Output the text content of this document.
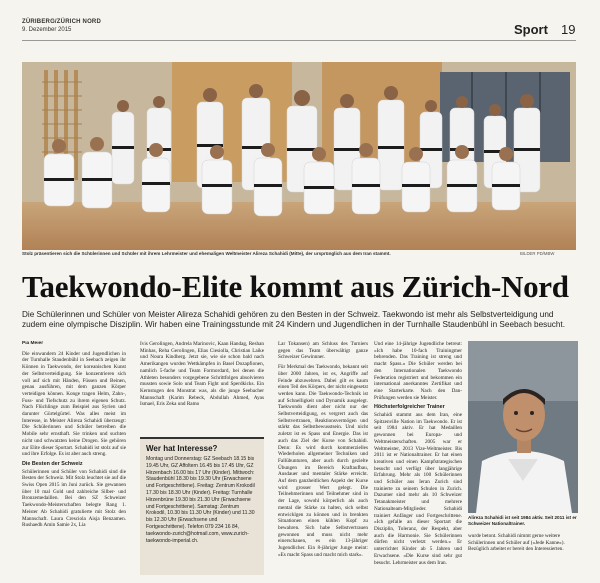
ZÜRIBERG/ZÜRICH NORD
9. Dezember 2015	Sport 19
Stolz präsentieren sich die Schülerinnen und Schüler mit ihrem Lehrmeister und ehemaligen Weltmeister Alireza Schahidi (Mitte), der ursprünglich aus dem Iran stammt.	BILDER PD/MBW
Taekwondo-Elite kommt aus Zürich-Nord
Die Schülerinnen und Schüler von Meister Alireza Schahidi gehören zu den Besten in der Schweiz. Taekwondo ist mehr als Selbstverteidigung und zudem eine olympische Disziplin. Wir haben eine Trainingsstunde mit 24 Kindern und Jugendlichen in der Turnhalle Staudenbühl in Seebach besucht.
Pia Meier

Die einwandern 24 Kinder und Jugendlichen in der Turnhalle Staudenbühl in Seebach zeigen ihr Können in Taekwondo, der koreanischen Kunst der Selbstverteidigung. Sie konzentrieren sich voll auf sich mit Händen, Füssen und Beinen, genau ausführen, mit dem ganzen Körper verteidigen können. Konge tragen Helm, Zahn-, Fuss- und Tiefschutz zu ihrem eigenen Schutz. Nach Flüchlinge zum Beispiel aus Syrien und darunter Gürtelgürtel. Was alles meist im Interesse, in Meister Alireza Schahidi überzeugt: Die Schülerinnen und Schüler betreiben die Mobile sehr ernsthaft. Sie trinken und suchten nicht und schwatzten keine Drogen. Sie gehören zur Elite dieser Sportart. Schahidi ist stolz auf sie und ihre Erfolge. Es ist aber auch streng.

Die Besten der Schweiz

Schülerinnen und Schüler von Schahidi sind die Besten der Schweiz. Mit Stolz leuchtet sie auf die Swiss Open 2015 im Juni zurück. Sie gewannen über 10 mal Gold und zahlreiche Silber- und Bronzemedaillen. Bei den SZ Schweizer Taekwondo-Meisterschaften belegte Rang 1. Meister Ab Schahidi gratulierte mit Stolz den Mannschaft. Laura Cresciola Aisja Benzamen. Rushaedh Amin Samie 2x, Lia

Ivis Gerolingen, Andrela Marinovic, Kaan Handag, Reshan Minhas, Reha Gerolingen, Elias Ciesiolla, Christian Laike und Noura Kindherg. Jetzt sie, wie sie schon bald nach Amerikangen wurden Wettkämpfen in Basel Dozapfionen, namlich 5-fache und Team Formordard, bei denen die Athleten besonders vorgegebene Schrittfolgen absolvieren mussten sowie Solo und Team Fight und Sperdkicks. Ein Kernstugen den Monstrat was, als die junge Seebacher Mannschaft (Karim Rebeck, Abdullah Ahmed, Ayas Ismael, Eris Zeka und Ramo

Wer hat Interesse?
Montag und Donnerstag: GZ Seebach 18.15 bis 19.45 Uhr, GZ Affoltern 16.45 bis 17.45 Uhr, GZ Hirzenbach 16.00 bis 17 Uhr (Kinder). Mittwoch: Staudenbühl 18.30 bis 19.30 Uhr (Erwachsene und Fortgeschrittene). Freitag: Zentrum Krokodil 17.30 bis 18.30 Uhr (Kinder). Freitag: Turnhalle Hirzenbrüne 19.30 bis 21.30 Uhr (Erwachsene und Fortgeschrittene). Samstag: Zentrum Krokodil, 10.30 bis 11.30 Uhr (Kinder) und 11.30 bis 12.30 Uhr (Erwachsene und Fortgeschrittene). Telefon 079 234 16 84, taekwondo-zurich@hotmail.com, www.zurich-taekwondo-imperial.ch.

Lar Tokansen) am Schluss des Turniers gegen das Team überwältigt ganze Schweizer Gewinnner.

Für Merkmal des Taekwondo, bekannt seit über 2000 Jahren, ist es, Angriffe auf Feinde abzuwehren. Dabei gilt es kaum einen Teil des Körpers, der nicht eingesetzt werden kann. Die Taekwondo-Technik ist auf Schnelligkeit und Dynamik ausgelegt. Taekwondo dient aber nicht nur der Selbstverteidigung, es vergrert auch das Selbstvertrauen, Reaktionsvermögen und stärkt das Selbstbewusstsein. Und nicht zuletzt ist es Spass und Energie. Das ist auch das Ziel der Kurse von Schahidi. Denn: Es wird durch kommerzielles Wiederholen allgemeiner Techniken und Fallübunturen, aber auch durch gezielte Übungen im Bereich Kraftaufbau, Ausdauer und mentaler Stärke erreicht. Auf dem ganzheitlichen Aspekt der Kurse wird grosser Wert gelegt. Die Teilnehmerinnen und Teilnehmer sind in der Lage, sowohl körperlich als auch mental die Stärke zu halten, sich selbst entwicklgen zu können und in brenkten Situationen einen kühlen Kopf zu bewahren. Sich habe Selbstvertrauen gewonnen und muss nicht mehr einerschauen, es ein 13-jähriger Jugendlicher. Ein 8-jähriger Junge meint: «Es macht Spass und macht mich stark».

Und eine 14-jährige Jugendliche betreut: «Ich habe 10-fach Trainingmer behrenden. Das Training ist streng und macht Spass.» Die Schüler werden bei den Internationalen Taekwondo Federation registriert und bekommen ein international anerkanntes Zertifikat und eine Starterkarte. Nach den Dan-Prüfungen werden sie Meister.

Höchsterfolgreicher Trainer

Schahidi stammt aus dem Iran, eine Spitzenville Nation im Taekwondo. Er ist seit 1984 aktiv. Er hat Medaillen gewonnen bei Europa- und Weltmeisterschaften. 2005 war er Weltmeister, 2013 Vize-Weltmeister. Bis 2011 ist er Nationaltrainer. Er hat einen kreativen und einen Kampfstrategischen besucht und verfügt über langjährige Erfahrung. Mehr als 100 Schülerinnen und Schüler aus Ieran Zurich sind trainierte zu seinem Schulen in Zurich. Dazumer sind mehr als 10 Schweizer Tetanakmeister und mehrere Nationalteam-Mitglieder. Schahidi trainiert Anfänger und Fortgeschrittene. «Ich gefalle an dieser Sportart die Disziplin, Toleranz, der Respekt, aber auch die Harmonie. Sie Schülerinnen dürfen nicht verletzt werden.» Er unterrichtet Kinder ab 5 Jahren und Erwachsene. «Die Kurse sind sehr gut besucht. Lehrmeister aus dem Iran.

Alireza Schahidi ist seit 1984 aktiv. Seit 2011 ist er Schweizer Nationaltrainer.
wurde betont. Schahidi nimmt gerne weitere Schülerinnen und Schüler auf («Jede Kanne»). Bezüglich arbeitet er bereit den Interessierten.
